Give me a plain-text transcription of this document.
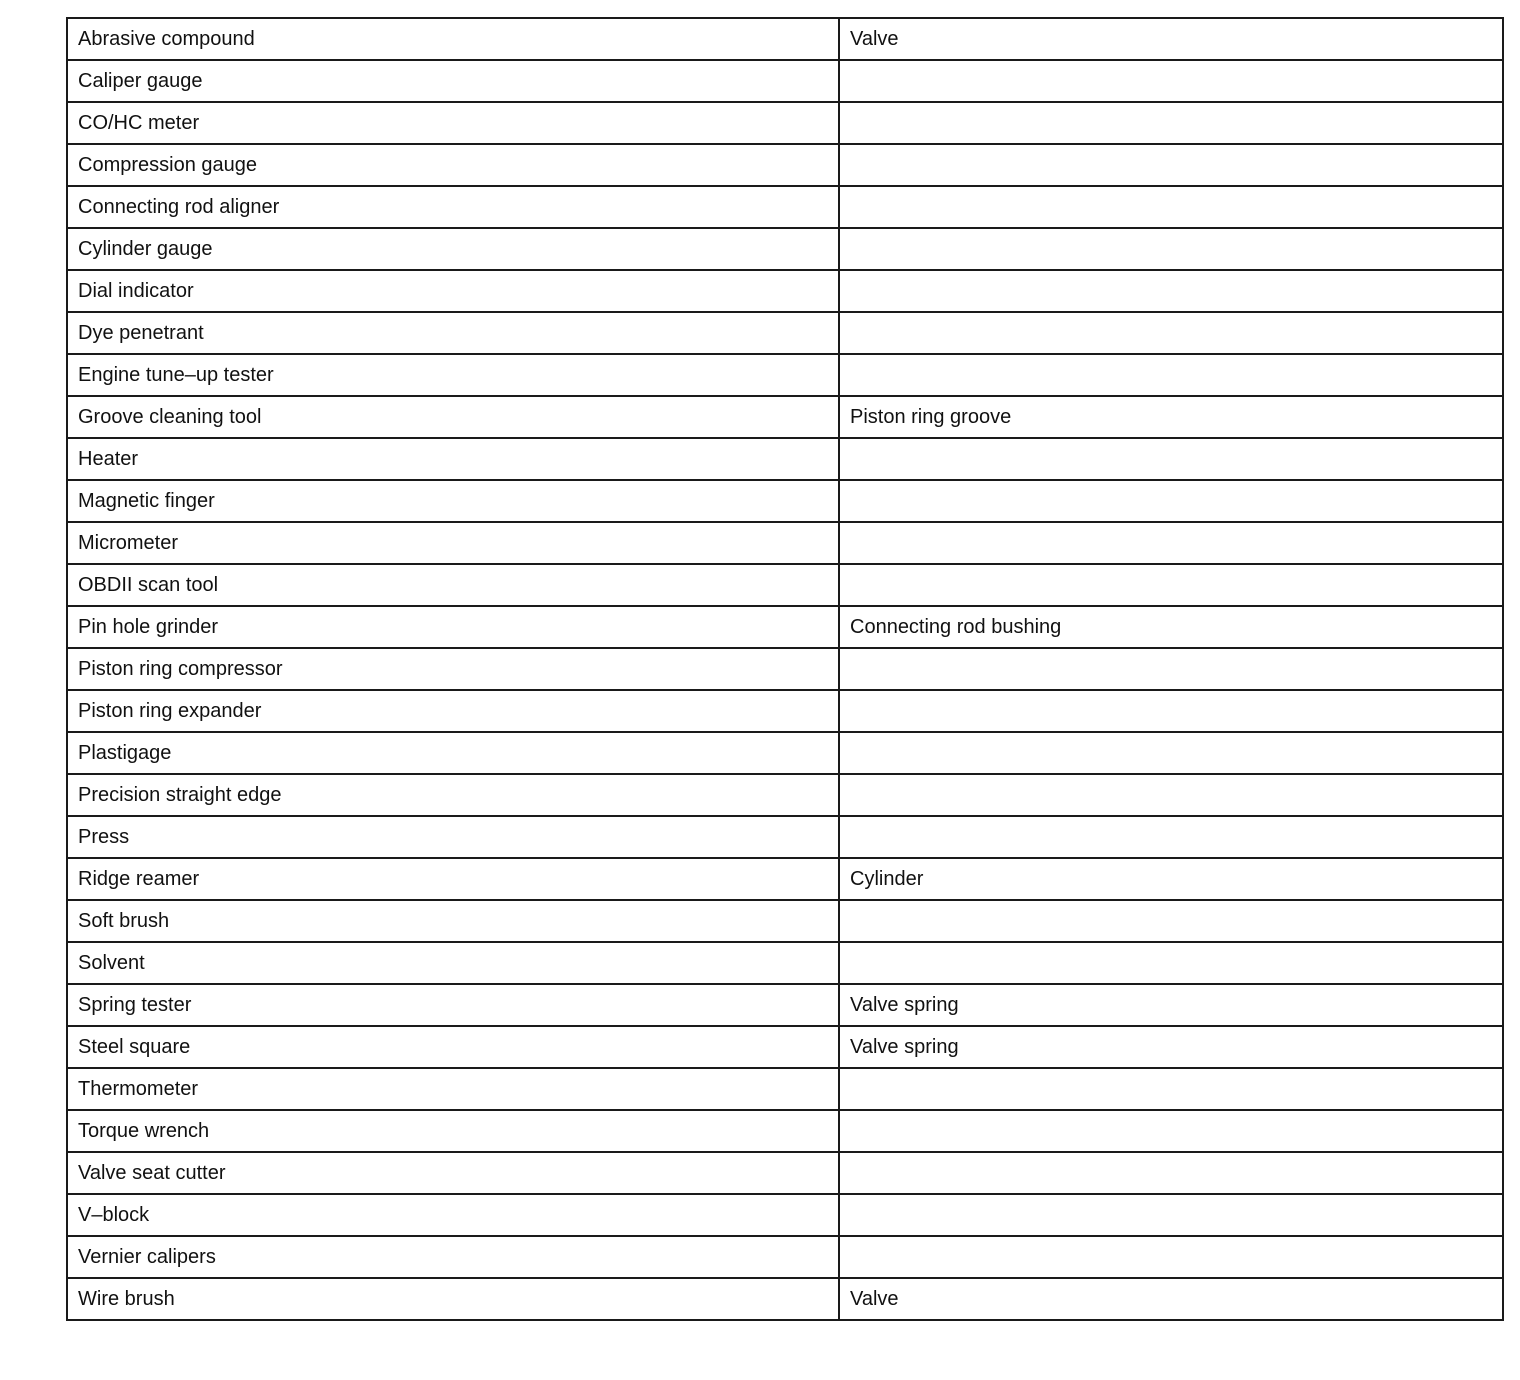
Abrasive compound	Valve
Caliper gauge	
CO/HC meter	
Compression gauge	
Connecting rod aligner	
Cylinder gauge	
Dial indicator	
Dye penetrant	
Engine tune–up tester	
Groove cleaning tool	Piston ring groove
Heater	
Magnetic finger	
Micrometer	
OBDII scan tool	
Pin hole grinder	Connecting rod bushing
Piston ring compressor	
Piston ring expander	
Plastigage	
Precision straight edge	
Press	
Ridge reamer	Cylinder
Soft brush	
Solvent	
Spring tester	Valve spring
Steel square	Valve spring
Thermometer	
Torque wrench	
Valve seat cutter	
V–block	
Vernier calipers	
Wire brush	Valve
